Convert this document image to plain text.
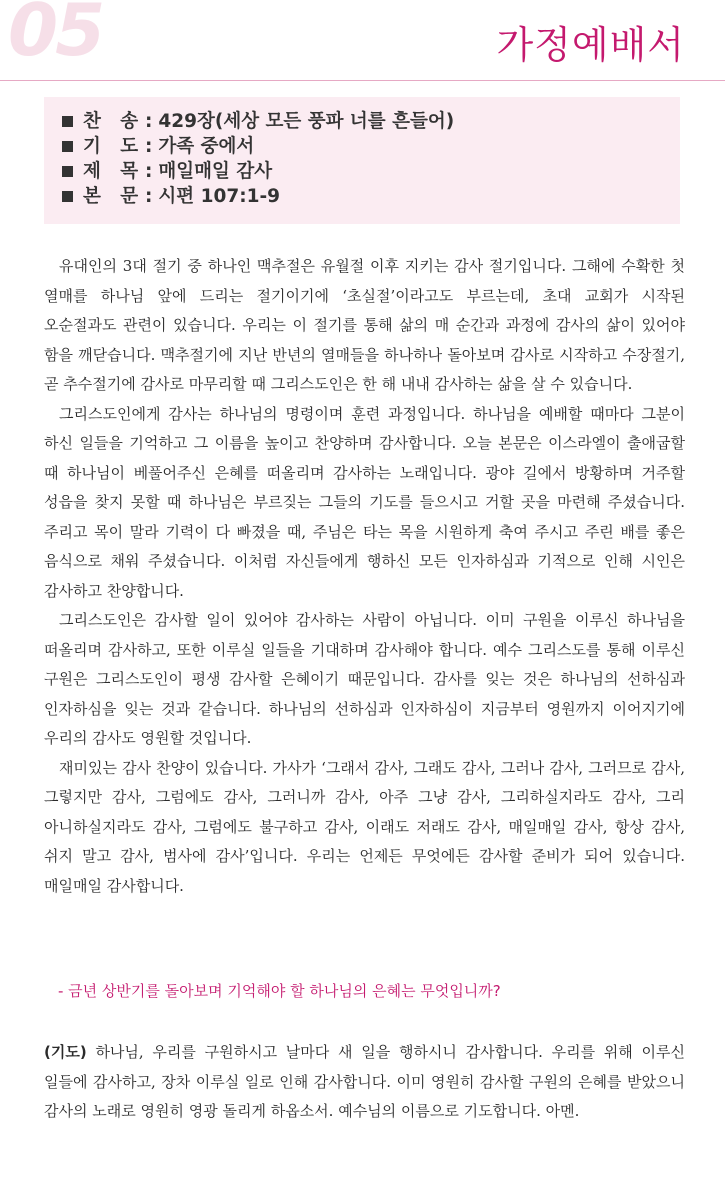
05	가정예배서
찬   송 : 429장(세상 모든 풍파 너를 흔들어)
기   도 : 가족 중에서
제   목 : 매일매일 감사
본   문 : 시편 107:1-9

유대인의 3대 절기 중 하나인 맥추절은 유월절 이후 지키는 감사 절기입니다. 그해에 수확한 첫 열매를 하나님 앞에 드리는 절기이기에 ‘초실절’이라고도 부르는데, 초대 교회가 시작된 오순절과도 관련이 있습니다. 우리는 이 절기를 통해 삶의 매 순간과 과정에 감사의 삶이 있어야 함을 깨닫습니다. 맥추절기에 지난 반년의 열매들을 하나하나 돌아보며 감사로 시작하고 수장절기, 곧 추수절기에 감사로 마무리할 때 그리스도인은 한 해 내내 감사하는 삶을 살 수 있습니다.

그리스도인에게 감사는 하나님의 명령이며 훈련 과정입니다. 하나님을 예배할 때마다 그분이 하신 일들을 기억하고 그 이름을 높이고 찬양하며 감사합니다. 오늘 본문은 이스라엘이 출애굽할 때 하나님이 베풀어주신 은혜를 떠올리며 감사하는 노래입니다. 광야 길에서 방황하며 거주할 성읍을 찾지 못할 때 하나님은 부르짖는 그들의 기도를 들으시고 거할 곳을 마련해 주셨습니다. 주리고 목이 말라 기력이 다 빠졌을 때, 주님은 타는 목을 시원하게 축여 주시고 주린 배를 좋은 음식으로 채워 주셨습니다. 이처럼 자신들에게 행하신 모든 인자하심과 기적으로 인해 시인은 감사하고 찬양합니다.

그리스도인은 감사할 일이 있어야 감사하는 사람이 아닙니다. 이미 구원을 이루신 하나님을 떠올리며 감사하고, 또한 이루실 일들을 기대하며 감사해야 합니다. 예수 그리스도를 통해 이루신 구원은 그리스도인이 평생 감사할 은혜이기 때문입니다. 감사를 잊는 것은 하나님의 선하심과 인자하심을 잊는 것과 같습니다. 하나님의 선하심과 인자하심이 지금부터 영원까지 이어지기에 우리의 감사도 영원할 것입니다.

재미있는 감사 찬양이 있습니다. 가사가 ‘그래서 감사, 그래도 감사, 그러나 감사, 그러므로 감사, 그렇지만 감사, 그럼에도 감사, 그러니까 감사, 아주 그냥 감사, 그리하실지라도 감사, 그리 아니하실지라도 감사, 그럼에도 불구하고 감사, 이래도 저래도 감사, 매일매일 감사, 항상 감사, 쉬지 말고 감사, 범사에 감사’입니다. 우리는 언제든 무엇에든 감사할 준비가 되어 있습니다. 매일매일 감사합니다.

- 금년 상반기를 돌아보며 기억해야 할 하나님의 은혜는 무엇입니까?

(기도) 하나님, 우리를 구원하시고 날마다 새 일을 행하시니 감사합니다. 우리를 위해 이루신 일들에 감사하고, 장차 이루실 일로 인해 감사합니다. 이미 영원히 감사할 구원의 은혜를 받았으니 감사의 노래로 영원히 영광 돌리게 하옵소서. 예수님의 이름으로 기도합니다. 아멘.
